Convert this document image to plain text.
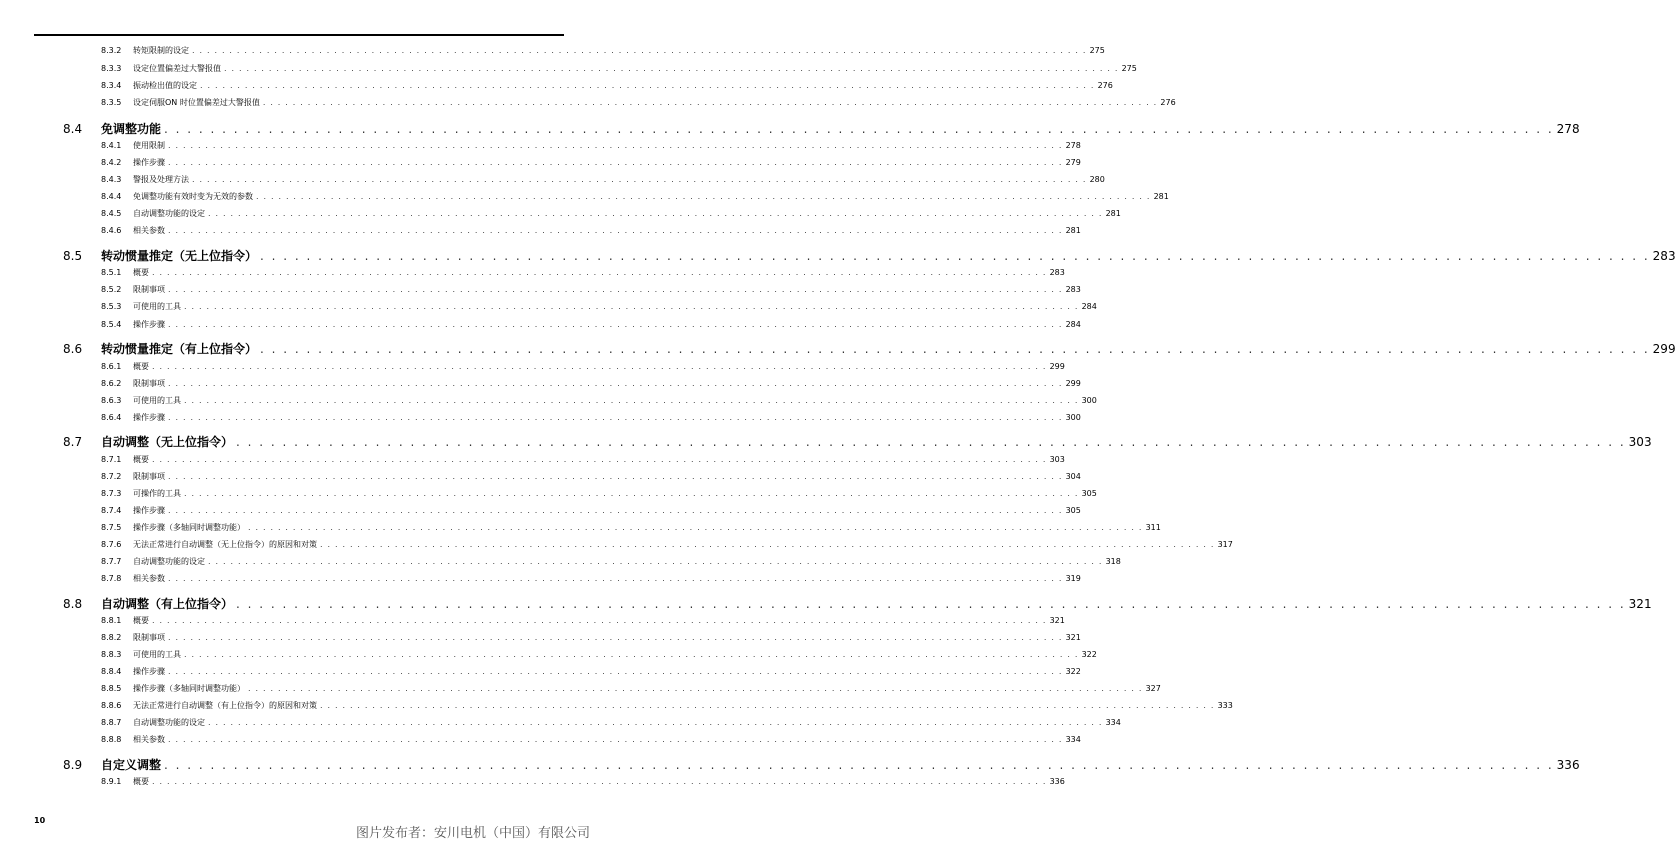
8.3.2	转矩限制的设定 . . . . . . . . . . . . . . . . . . . . . . . . . . . . . . . . . . . . . . . . . . . . . . . . . . . . . . . . . . . . . . . . . . . . . . . . . . . . . . . . . . . . . . . . . . . . . . . . . . . . . . . . . . . . . . . . . . . . . . . . 275
8.3.3	设定位置偏差过大警报值 . . . . . . . . . . . . . . . . . . . . . . . . . . . . . . . . . . . . . . . . . . . . . . . . . . . . . . . . . . . . . . . . . . . . . . . . . . . . . . . . . . . . . . . . . . . . . . . . . . . . . . . . . . . . . . . . . . . . . . . . 275
8.3.4	振动检出值的设定 . . . . . . . . . . . . . . . . . . . . . . . . . . . . . . . . . . . . . . . . . . . . . . . . . . . . . . . . . . . . . . . . . . . . . . . . . . . . . . . . . . . . . . . . . . . . . . . . . . . . . . . . . . . . . . . . . . . . . . . . 276
8.3.5	设定伺服ON 时位置偏差过大警报值 . . . . . . . . . . . . . . . . . . . . . . . . . . . . . . . . . . . . . . . . . . . . . . . . . . . . . . . . . . . . . . . . . . . . . . . . . . . . . . . . . . . . . . . . . . . . . . . . . . . . . . . . . . . . . . . . . . . . . . . . 276
8.4	免调整功能 . . . . . . . . . . . . . . . . . . . . . . . . . . . . . . . . . . . . . . . . . . . . . . . . . . . . . . . . . . . . . . . . . . . . . . . . . . . . . . . . . . . . . . . . . . . . . . . . . . . . . . . . . . . . . . . . . . . . . . . . 278
8.4.1	使用限制 . . . . . . . . . . . . . . . . . . . . . . . . . . . . . . . . . . . . . . . . . . . . . . . . . . . . . . . . . . . . . . . . . . . . . . . . . . . . . . . . . . . . . . . . . . . . . . . . . . . . . . . . . . . . . . . . . . . . . . . . 278
8.4.2	操作步骤 . . . . . . . . . . . . . . . . . . . . . . . . . . . . . . . . . . . . . . . . . . . . . . . . . . . . . . . . . . . . . . . . . . . . . . . . . . . . . . . . . . . . . . . . . . . . . . . . . . . . . . . . . . . . . . . . . . . . . . . . 279
8.4.3	警报及处理方法 . . . . . . . . . . . . . . . . . . . . . . . . . . . . . . . . . . . . . . . . . . . . . . . . . . . . . . . . . . . . . . . . . . . . . . . . . . . . . . . . . . . . . . . . . . . . . . . . . . . . . . . . . . . . . . . . . . . . . . . . 280
8.4.4	免调整功能有效时变为无效的参数 . . . . . . . . . . . . . . . . . . . . . . . . . . . . . . . . . . . . . . . . . . . . . . . . . . . . . . . . . . . . . . . . . . . . . . . . . . . . . . . . . . . . . . . . . . . . . . . . . . . . . . . . . . . . . . . . . . . . . . . . 281
8.4.5	自动调整功能的设定 . . . . . . . . . . . . . . . . . . . . . . . . . . . . . . . . . . . . . . . . . . . . . . . . . . . . . . . . . . . . . . . . . . . . . . . . . . . . . . . . . . . . . . . . . . . . . . . . . . . . . . . . . . . . . . . . . . . . . . . . 281
8.4.6	相关参数 . . . . . . . . . . . . . . . . . . . . . . . . . . . . . . . . . . . . . . . . . . . . . . . . . . . . . . . . . . . . . . . . . . . . . . . . . . . . . . . . . . . . . . . . . . . . . . . . . . . . . . . . . . . . . . . . . . . . . . . . 281
8.5	转动惯量推定（无上位指令） . . . . . . . . . . . . . . . . . . . . . . . . . . . . . . . . . . . . . . . . . . . . . . . . . . . . . . . . . . . . . . . . . . . . . . . . . . . . . . . . . . . . . . . . . . . . . . . . . . . . . . . . . . . . . . . . . . . . . . . . 283
8.5.1	概要 . . . . . . . . . . . . . . . . . . . . . . . . . . . . . . . . . . . . . . . . . . . . . . . . . . . . . . . . . . . . . . . . . . . . . . . . . . . . . . . . . . . . . . . . . . . . . . . . . . . . . . . . . . . . . . . . . . . . . . . . 283
8.5.2	限制事项 . . . . . . . . . . . . . . . . . . . . . . . . . . . . . . . . . . . . . . . . . . . . . . . . . . . . . . . . . . . . . . . . . . . . . . . . . . . . . . . . . . . . . . . . . . . . . . . . . . . . . . . . . . . . . . . . . . . . . . . . 283
8.5.3	可使用的工具 . . . . . . . . . . . . . . . . . . . . . . . . . . . . . . . . . . . . . . . . . . . . . . . . . . . . . . . . . . . . . . . . . . . . . . . . . . . . . . . . . . . . . . . . . . . . . . . . . . . . . . . . . . . . . . . . . . . . . . . . 284
8.5.4	操作步骤 . . . . . . . . . . . . . . . . . . . . . . . . . . . . . . . . . . . . . . . . . . . . . . . . . . . . . . . . . . . . . . . . . . . . . . . . . . . . . . . . . . . . . . . . . . . . . . . . . . . . . . . . . . . . . . . . . . . . . . . . 284
8.6	转动惯量推定（有上位指令） . . . . . . . . . . . . . . . . . . . . . . . . . . . . . . . . . . . . . . . . . . . . . . . . . . . . . . . . . . . . . . . . . . . . . . . . . . . . . . . . . . . . . . . . . . . . . . . . . . . . . . . . . . . . . . . . . . . . . . . . 299
8.6.1	概要 . . . . . . . . . . . . . . . . . . . . . . . . . . . . . . . . . . . . . . . . . . . . . . . . . . . . . . . . . . . . . . . . . . . . . . . . . . . . . . . . . . . . . . . . . . . . . . . . . . . . . . . . . . . . . . . . . . . . . . . . 299
8.6.2	限制事项 . . . . . . . . . . . . . . . . . . . . . . . . . . . . . . . . . . . . . . . . . . . . . . . . . . . . . . . . . . . . . . . . . . . . . . . . . . . . . . . . . . . . . . . . . . . . . . . . . . . . . . . . . . . . . . . . . . . . . . . . 299
8.6.3	可使用的工具 . . . . . . . . . . . . . . . . . . . . . . . . . . . . . . . . . . . . . . . . . . . . . . . . . . . . . . . . . . . . . . . . . . . . . . . . . . . . . . . . . . . . . . . . . . . . . . . . . . . . . . . . . . . . . . . . . . . . . . . . 300
8.6.4	操作步骤 . . . . . . . . . . . . . . . . . . . . . . . . . . . . . . . . . . . . . . . . . . . . . . . . . . . . . . . . . . . . . . . . . . . . . . . . . . . . . . . . . . . . . . . . . . . . . . . . . . . . . . . . . . . . . . . . . . . . . . . . 300
8.7	自动调整（无上位指令） . . . . . . . . . . . . . . . . . . . . . . . . . . . . . . . . . . . . . . . . . . . . . . . . . . . . . . . . . . . . . . . . . . . . . . . . . . . . . . . . . . . . . . . . . . . . . . . . . . . . . . . . . . . . . . . . . . . . . . . . 303
8.7.1	概要 . . . . . . . . . . . . . . . . . . . . . . . . . . . . . . . . . . . . . . . . . . . . . . . . . . . . . . . . . . . . . . . . . . . . . . . . . . . . . . . . . . . . . . . . . . . . . . . . . . . . . . . . . . . . . . . . . . . . . . . . 303
8.7.2	限制事项 . . . . . . . . . . . . . . . . . . . . . . . . . . . . . . . . . . . . . . . . . . . . . . . . . . . . . . . . . . . . . . . . . . . . . . . . . . . . . . . . . . . . . . . . . . . . . . . . . . . . . . . . . . . . . . . . . . . . . . . . 304
8.7.3	可操作的工具 . . . . . . . . . . . . . . . . . . . . . . . . . . . . . . . . . . . . . . . . . . . . . . . . . . . . . . . . . . . . . . . . . . . . . . . . . . . . . . . . . . . . . . . . . . . . . . . . . . . . . . . . . . . . . . . . . . . . . . . . 305
8.7.4	操作步骤 . . . . . . . . . . . . . . . . . . . . . . . . . . . . . . . . . . . . . . . . . . . . . . . . . . . . . . . . . . . . . . . . . . . . . . . . . . . . . . . . . . . . . . . . . . . . . . . . . . . . . . . . . . . . . . . . . . . . . . . . 305
8.7.5	操作步骤（多轴同时调整功能） . . . . . . . . . . . . . . . . . . . . . . . . . . . . . . . . . . . . . . . . . . . . . . . . . . . . . . . . . . . . . . . . . . . . . . . . . . . . . . . . . . . . . . . . . . . . . . . . . . . . . . . . . . . . . . . . . . . . . . . . 311
8.7.6	无法正常进行自动调整（无上位指令）的原因和对策 . . . . . . . . . . . . . . . . . . . . . . . . . . . . . . . . . . . . . . . . . . . . . . . . . . . . . . . . . . . . . . . . . . . . . . . . . . . . . . . . . . . . . . . . . . . . . . . . . . . . . . . . . . . . . . . . . . . . . . . . 317
8.7.7	自动调整功能的设定 . . . . . . . . . . . . . . . . . . . . . . . . . . . . . . . . . . . . . . . . . . . . . . . . . . . . . . . . . . . . . . . . . . . . . . . . . . . . . . . . . . . . . . . . . . . . . . . . . . . . . . . . . . . . . . . . . . . . . . . . 318
8.7.8	相关参数 . . . . . . . . . . . . . . . . . . . . . . . . . . . . . . . . . . . . . . . . . . . . . . . . . . . . . . . . . . . . . . . . . . . . . . . . . . . . . . . . . . . . . . . . . . . . . . . . . . . . . . . . . . . . . . . . . . . . . . . . 319
8.8	自动调整（有上位指令） . . . . . . . . . . . . . . . . . . . . . . . . . . . . . . . . . . . . . . . . . . . . . . . . . . . . . . . . . . . . . . . . . . . . . . . . . . . . . . . . . . . . . . . . . . . . . . . . . . . . . . . . . . . . . . . . . . . . . . . . 321
8.8.1	概要 . . . . . . . . . . . . . . . . . . . . . . . . . . . . . . . . . . . . . . . . . . . . . . . . . . . . . . . . . . . . . . . . . . . . . . . . . . . . . . . . . . . . . . . . . . . . . . . . . . . . . . . . . . . . . . . . . . . . . . . . 321
8.8.2	限制事项 . . . . . . . . . . . . . . . . . . . . . . . . . . . . . . . . . . . . . . . . . . . . . . . . . . . . . . . . . . . . . . . . . . . . . . . . . . . . . . . . . . . . . . . . . . . . . . . . . . . . . . . . . . . . . . . . . . . . . . . . 321
8.8.3	可使用的工具 . . . . . . . . . . . . . . . . . . . . . . . . . . . . . . . . . . . . . . . . . . . . . . . . . . . . . . . . . . . . . . . . . . . . . . . . . . . . . . . . . . . . . . . . . . . . . . . . . . . . . . . . . . . . . . . . . . . . . . . . 322
8.8.4	操作步骤 . . . . . . . . . . . . . . . . . . . . . . . . . . . . . . . . . . . . . . . . . . . . . . . . . . . . . . . . . . . . . . . . . . . . . . . . . . . . . . . . . . . . . . . . . . . . . . . . . . . . . . . . . . . . . . . . . . . . . . . . 322
8.8.5	操作步骤（多轴同时调整功能） . . . . . . . . . . . . . . . . . . . . . . . . . . . . . . . . . . . . . . . . . . . . . . . . . . . . . . . . . . . . . . . . . . . . . . . . . . . . . . . . . . . . . . . . . . . . . . . . . . . . . . . . . . . . . . . . . . . . . . . . 327
8.8.6	无法正常进行自动调整（有上位指令）的原因和对策 . . . . . . . . . . . . . . . . . . . . . . . . . . . . . . . . . . . . . . . . . . . . . . . . . . . . . . . . . . . . . . . . . . . . . . . . . . . . . . . . . . . . . . . . . . . . . . . . . . . . . . . . . . . . . . . . . . . . . . . . 333
8.8.7	自动调整功能的设定 . . . . . . . . . . . . . . . . . . . . . . . . . . . . . . . . . . . . . . . . . . . . . . . . . . . . . . . . . . . . . . . . . . . . . . . . . . . . . . . . . . . . . . . . . . . . . . . . . . . . . . . . . . . . . . . . . . . . . . . . 334
8.8.8	相关参数 . . . . . . . . . . . . . . . . . . . . . . . . . . . . . . . . . . . . . . . . . . . . . . . . . . . . . . . . . . . . . . . . . . . . . . . . . . . . . . . . . . . . . . . . . . . . . . . . . . . . . . . . . . . . . . . . . . . . . . . . 334
8.9	自定义调整 . . . . . . . . . . . . . . . . . . . . . . . . . . . . . . . . . . . . . . . . . . . . . . . . . . . . . . . . . . . . . . . . . . . . . . . . . . . . . . . . . . . . . . . . . . . . . . . . . . . . . . . . . . . . . . . . . . . . . . . . 336
8.9.1	概要 . . . . . . . . . . . . . . . . . . . . . . . . . . . . . . . . . . . . . . . . . . . . . . . . . . . . . . . . . . . . . . . . . . . . . . . . . . . . . . . . . . . . . . . . . . . . . . . . . . . . . . . . . . . . . . . . . . . . . . . . 336
10
图片发布者：安川电机（中国）有限公司
